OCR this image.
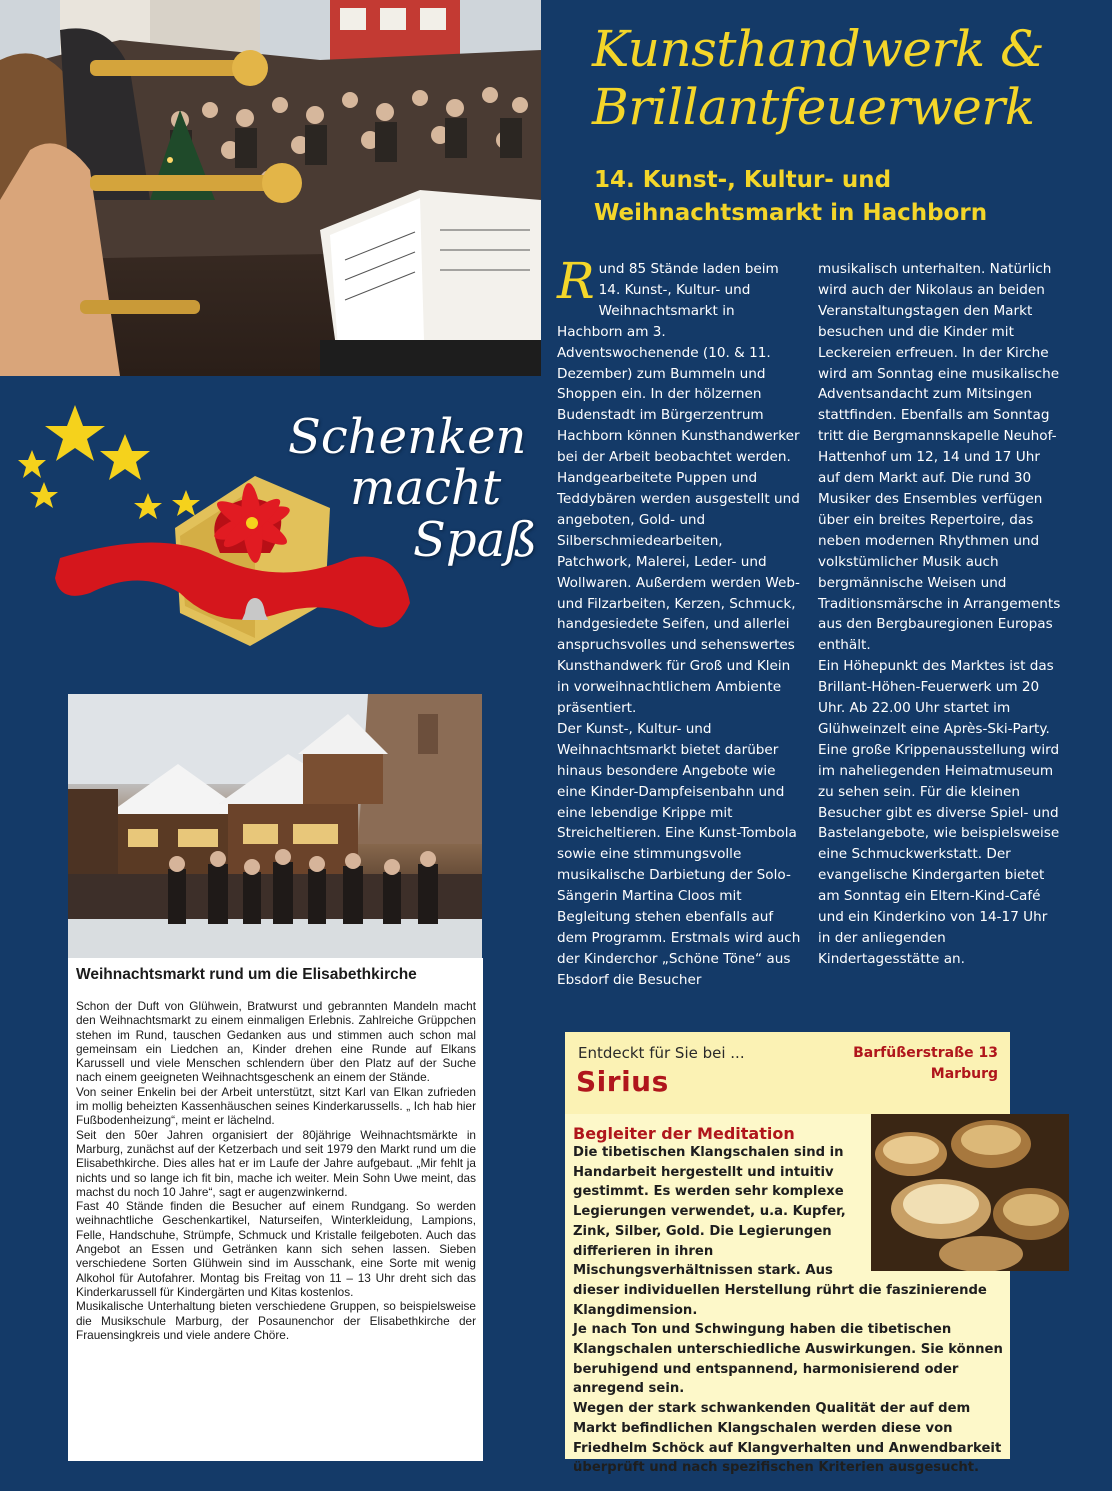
Kunsthandwerk &
Brillantfeuerwerk
14. Kunst-, Kultur- und
Weihnachtsmarkt in Hachborn

R und 85 Stände laden beim 14. Kunst-, Kultur- und Weihnachtsmarkt in Hachborn am 3. Adventswochenende (10. & 11. Dezember) zum Bummeln und Shoppen ein. In der hölzernen Budenstadt im Bürgerzentrum Hachborn können Kunsthandwerker bei der Arbeit beobachtet werden. Handgearbeitete Puppen und Teddybären werden ausgestellt und angeboten, Gold- und Silberschmiedearbeiten, Patchwork, Malerei, Leder- und Wollwaren. Außerdem werden Web- und Filzarbeiten, Kerzen, Schmuck, handgesiedete Seifen, und allerlei anspruchsvolles und sehenswertes Kunsthandwerk für Groß und Klein in vorweihnachtlichem Ambiente präsentiert.

Der Kunst-, Kultur- und Weihnachtsmarkt bietet darüber hinaus besondere Angebote wie eine Kinder-Dampfeisenbahn und eine lebendige Krippe mit Streicheltieren. Eine Kunst-Tombola sowie eine stimmungsvolle musikalische Darbietung der Solo-Sängerin Martina Cloos mit Begleitung stehen ebenfalls auf dem Programm. Erstmals wird auch der Kinderchor „Schöne Töne“ aus Ebsdorf die Besucher

musikalisch unterhalten. Natürlich wird auch der Nikolaus an beiden Veranstaltungstagen den Markt besuchen und die Kinder mit Leckereien erfreuen. In der Kirche wird am Sonntag eine musikalische Adventsandacht zum Mitsingen stattfinden. Ebenfalls am Sonntag tritt die Bergmannskapelle Neuhof-Hattenhof um 12, 14 und 17 Uhr auf dem Markt auf. Die rund 30 Musiker des Ensembles verfügen über ein breites Repertoire, das neben modernen Rhythmen und volkstümlicher Musik auch bergmännische Weisen und Traditionsmärsche in Arrangements aus den Bergbauregionen Europas enthält.

Ein Höhepunkt des Marktes ist das Brillant-Höhen-Feuerwerk um 20 Uhr. Ab 22.00 Uhr startet im Glühweinzelt eine Après-Ski-Party.

Eine große Krippenausstellung wird im naheliegenden Heimatmuseum zu sehen sein. Für die kleinen Besucher gibt es diverse Spiel- und Bastelangebote, wie beispielsweise eine Schmuckwerkstatt. Der evangelische Kindergarten bietet am Sonntag ein Eltern-Kind-Café und ein Kinderkino von 14-17 Uhr in der anliegenden Kindertagesstätte an.

Schenken
macht
Spaß
Weihnachtsmarkt rund um die Elisabethkirche

Schon der Duft von Glühwein, Bratwurst und gebrannten Mandeln macht den Weihnachtsmarkt zu einem einmaligen Erlebnis. Zahlreiche Grüppchen stehen im Rund, tauschen Gedanken aus und stimmen auch schon mal gemeinsam ein Liedchen an, Kinder drehen eine Runde auf Elkans Karussell und viele Menschen schlendern über den Platz auf der Suche nach einem geeigneten Weihnachtsgeschenk an einem der Stände.

Von seiner Enkelin bei der Arbeit unterstützt, sitzt Karl van Elkan zufrieden im mollig beheizten Kassenhäuschen seines Kinderkarussells. „ Ich hab hier Fußbodenheizung“, meint er lächelnd.

Seit den 50er Jahren organisiert der 80jährige Weihnachtsmärkte in Marburg, zunächst auf der Ketzerbach und seit 1979 den Markt rund um die Elisabethkirche. Dies alles hat er im Laufe der Jahre aufgebaut. „Mir fehlt ja nichts und so lange ich fit bin, mache ich weiter. Mein Sohn Uwe meint, das machst du noch 10 Jahre“, sagt er augenzwinkernd.

Fast 40 Stände finden die Besucher auf einem Rundgang. So werden weihnachtliche Geschenkartikel, Naturseifen, Winterkleidung, Lampions, Felle, Handschuhe, Strümpfe, Schmuck und Kristalle feilgeboten. Auch das Angebot an Essen und Getränken kann sich sehen lassen. Sieben verschiedene Sorten Glühwein sind im Ausschank, eine Sorte mit wenig Alkohol für Autofahrer. Montag bis Freitag von 11 – 13 Uhr dreht sich das Kinderkarussell für Kindergärten und Kitas kostenlos.

Musikalische Unterhaltung bieten verschiedene Gruppen, so beispielsweise die Musikschule Marburg, der Posaunenchor der Elisabethkirche der Frauensingkreis und viele andere Chöre.

Entdeckt für Sie bei ...
Sirius
Barfüßerstraße 13
Marburg
Begleiter der Meditation

Die tibetischen Klangschalen sind in Handarbeit hergestellt und intuitiv gestimmt. Es werden sehr komplexe Legierungen verwendet, u.a. Kupfer, Zink, Silber, Gold. Die Legierungen differieren in ihren Mischungsverhältnissen stark. Aus dieser individuellen Herstellung rührt die faszinierende Klangdimension.

Je nach Ton und Schwingung haben die tibetischen Klangschalen unterschiedliche Auswirkungen. Sie können beruhigend und entspannend, harmonisierend oder anregend sein.

Wegen der stark schwankenden Qualität der auf dem Markt befindlichen Klangschalen werden diese von Friedhelm Schöck auf Klangverhalten und Anwendbarkeit überprüft und nach spezifischen Kriterien ausgesucht.
